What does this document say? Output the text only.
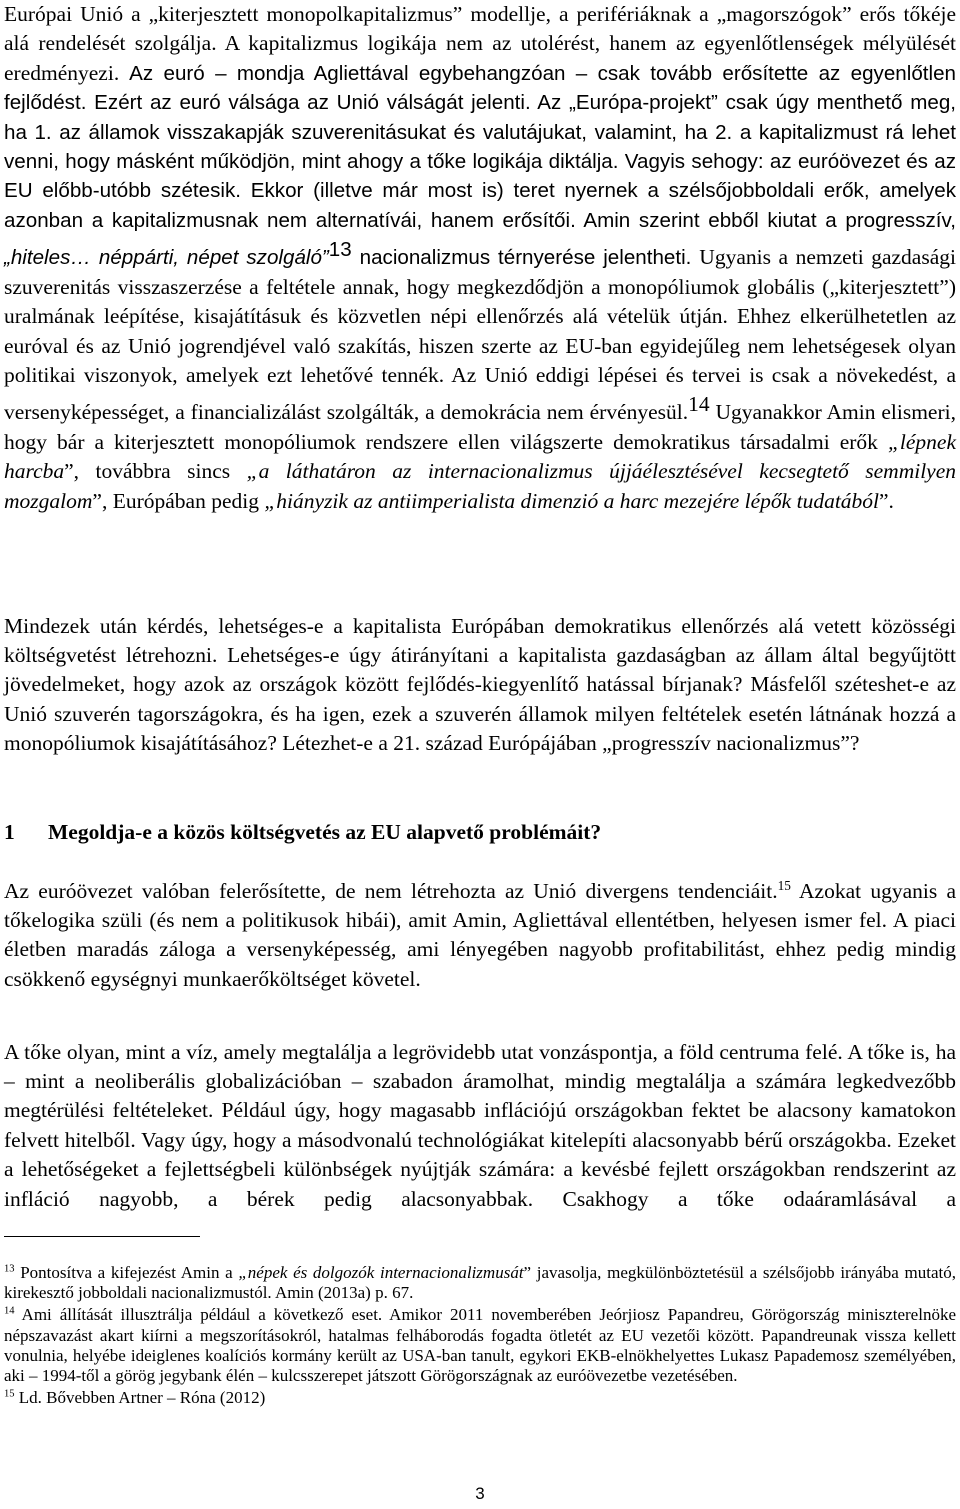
Európai Unió a „kiterjesztett monopolkapitalizmus” modellje, a perifériáknak a „magorszógok” erős tőkéje alá rendelését szolgálja. A kapitalizmus logikája nem az utolérést, hanem az egyenlőtlenségek mélyülését eredményezi. Az euró – mondja Agliettával egybehangzóan – csak tovább erősítette az egyenlőtlen fejlődést. Ezért az euró válsága az Unió válságát jelenti. Az „Európa-projekt” csak úgy menthető meg, ha 1. az államok visszakapják szuverenitásukat és valutájukat, valamint, ha 2. a kapitalizmust rá lehet venni, hogy másként működjön, mint ahogy a tőke logikája diktálja. Vagyis sehogy: az euróövezet és az EU előbb-utóbb szétesik. Ekkor (illetve már most is) teret nyernek a szélsőjobboldali erők, amelyek azonban a kapitalizmusnak nem alternatívái, hanem erősítői. Amin szerint ebből kiutat a progresszív, „hiteles… néppárti, népet szolgáló”$^{13}$ nacionalizmus térnyerése jelentheti. Ugyanis a nemzeti gazdasági szuverenitás visszaszerzése a feltétele annak, hogy megkezdődjön a monopóliumok globális („kiterjesztett”) uralmának leépítése, kisajátításuk és közvetlen népi ellenőrzés alá vételük útján. Ehhez elkerülhetetlen az euróval és az Unió jogrendjével való szakítás, hiszen szerte az EU-ban egyidejűleg nem lehetségesek olyan politikai viszonyok, amelyek ezt lehetővé tennék. Az Unió eddigi lépései és tervei is csak a növekedést, a versenyképességet, a financializálást szolgálták, a demokrácia nem érvényesül.$^{14}$ Ugyanakkor Amin elismeri, hogy bár a kiterjesztett monopóliumok rendszere ellen világszerte demokratikus társadalmi erők „lépnek harcba”, továbbra sincs „a láthatáron az internacionalizmus újjáélesztésével kecsegtető semmilyen mozgalom”, Európában pedig „hiányzik az antiimperialista dimenzió a harc mezejére lépők tudatából”.

Mindezek után kérdés, lehetséges-e a kapitalista Európában demokratikus ellenőrzés alá vetett közösségi költségvetést létrehozni. Lehetséges-e úgy átirányítani a kapitalista gazdaságban az állam által begyűjtött jövedelmeket, hogy azok az országok között fejlődés-kiegyenlítő hatással bírjanak? Másfelől széteshet-e az Unió szuverén tagországokra, és ha igen, ezek a szuverén államok milyen feltételek esetén látnának hozzá a monopóliumok kisajátításához? Létezhet-e a 21. század Európájában „progresszív nacionalizmus”?

1 Megoldja-e a közös költségvetés az EU alapvető problémáit?

Az euróövezet valóban felerősítette, de nem létrehozta az Unió divergens tendenciáit.$^{15}$ Azokat ugyanis a tőkelogika szüli (és nem a politikusok hibái), amit Amin, Agliettával ellentétben, helyesen ismer fel. A piaci életben maradás záloga a versenyképesség, ami lényegében nagyobb profitabilitást, ehhez pedig mindig csökkenő egységnyi munkaerőköltséget követel.

A tőke olyan, mint a víz, amely megtalálja a legrövidebb utat vonzáspontja, a föld centruma felé. A tőke is, ha – mint a neoliberális globalizációban – szabadon áramolhat, mindig megtalálja a számára legkedvezőbb megtérülési feltételeket. Például úgy, hogy magasabb inflációjú országokban fektet be alacsony kamatokon felvett hitelből. Vagy úgy, hogy a másodvonalú technológiákat kitelepíti alacsonyabb bérű országokba. Ezeket a lehetőségeket a fejlettségbeli különbségek nyújtják számára: a kevésbé fejlett országokban rendszerint az infláció nagyobb, a bérek pedig alacsonyabbak. Csakhogy a tőke odaáramlásával a

$^{13}$ Pontosítva a kifejezést Amin a „népek és dolgozók internacionalizmusát” javasolja, megkülönböztetésül a szélsőjobb irányába mutató, kirekesztő jobboldali nacionalizmustól. Amin (2013a) p. 67.

$^{14}$ Ami állítását illusztrálja például a következő eset. Amikor 2011 novemberében Jeórjiosz Papandreu, Görögország miniszterelnöke népszavazást akart kiírni a megszorításokról, hatalmas felháborodás fogadta ötletét az EU vezetői között. Papandreunak vissza kellett vonulnia, helyébe ideiglenes koalíciós kormány került az USA-ban tanult, egykori EKB-elnökhelyettes Lukasz Papademosz személyében, aki – 1994-től a görög jegybank élén – kulcsszerepet játszott Görögországnak az euróövezetbe vezetésében.

$^{15}$ Ld. Bővebben Artner – Róna (2012)

3
